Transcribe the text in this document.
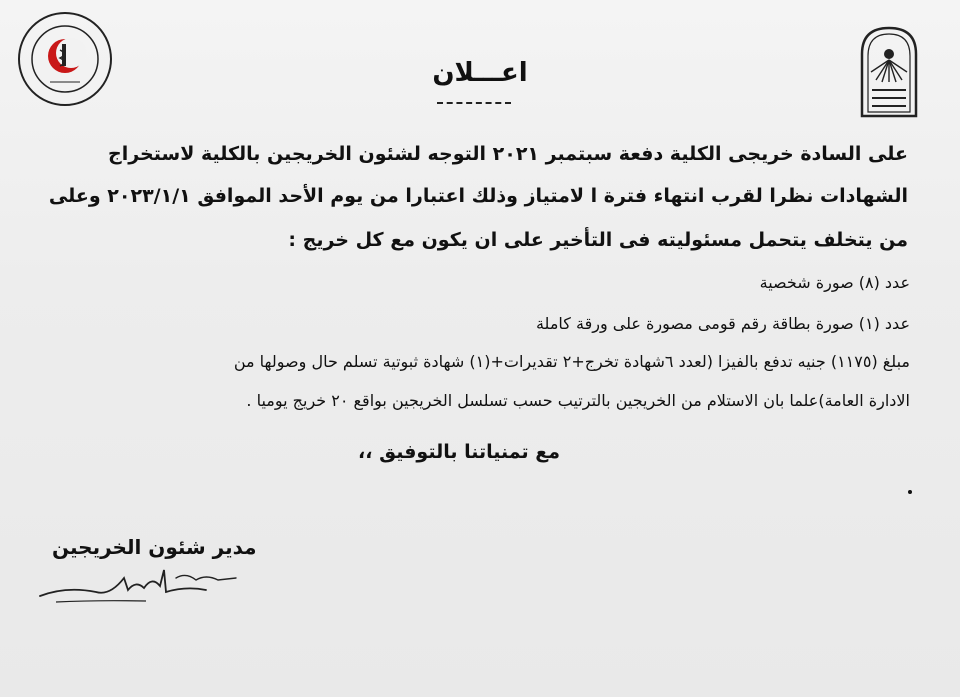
اعـــلان
على السادة خريجى الكلية دفعة سبتمبر ٢٠٢١ التوجه لشئون الخريجين بالكلية لاستخراج
الشهادات نظرا لقرب انتهاء فترة ا لامتياز وذلك اعتبارا من يوم الأحد الموافق ٢٠٢٣/١/١ وعلى
من يتخلف يتحمل مسئوليته فى التأخير على ان يكون مع كل خريج :
عدد (٨) صورة شخصية
عدد (١) صورة بطاقة رقم قومى مصورة على ورقة كاملة
مبلغ (١١٧٥) جنيه تدفع بالفيزا (لعدد ٦شهادة تخرج+٢ تقديرات+(١) شهادة ثبوتية تسلم حال وصولها من
الادارة العامة)علما بان الاستلام من الخريجين بالترتيب حسب تسلسل الخريجين بواقع ٢٠ خريج يوميا .
مع تمنياتنا بالتوفيق ،،
مدير شئون الخريجين
